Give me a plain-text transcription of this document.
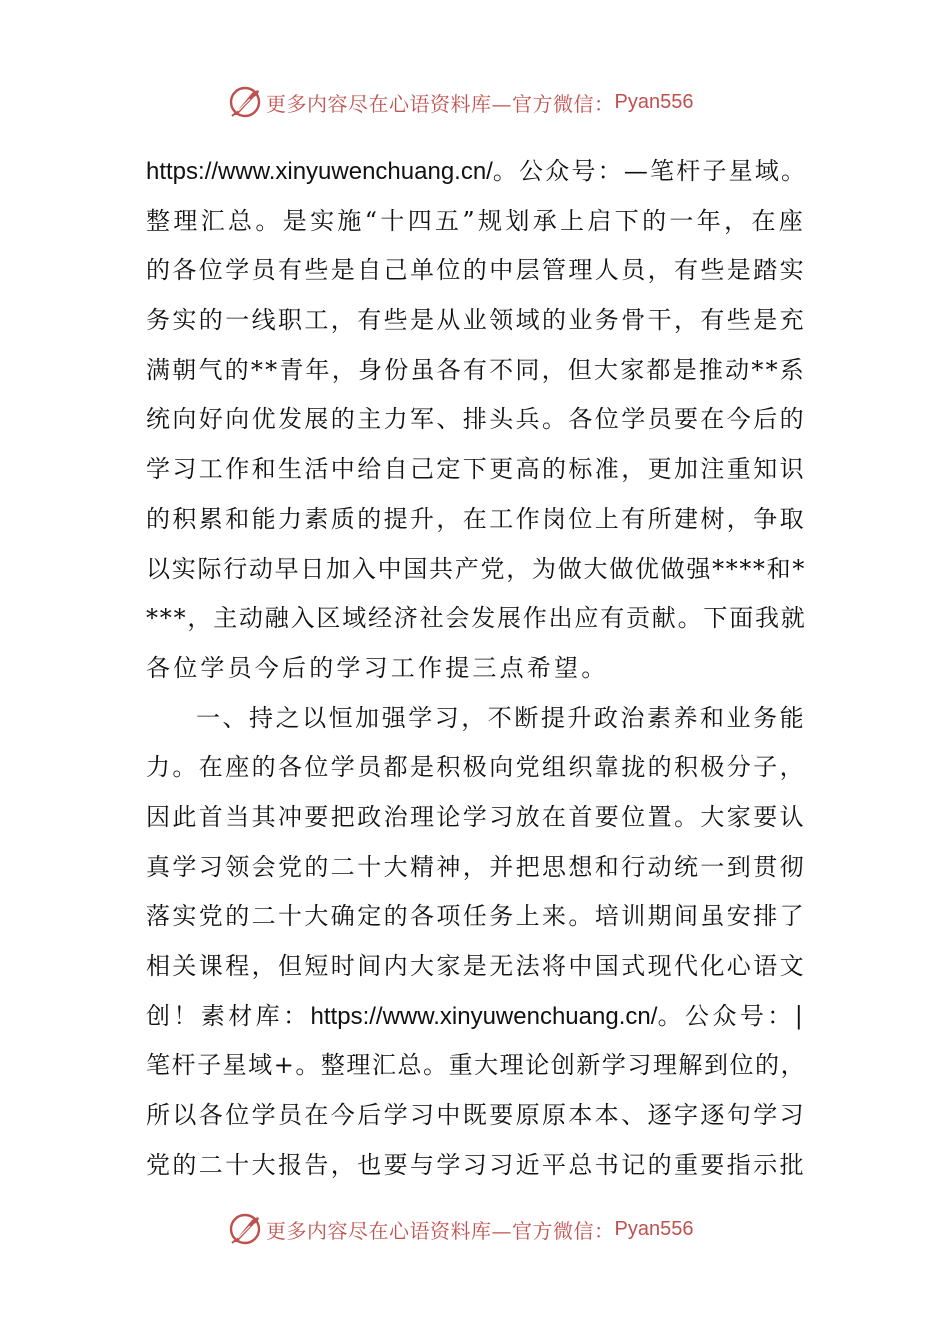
更多内容尽在心语资料库—官方微信： Pyan556
https://www.xinyuwenchuang.cn/。公众号：—笔杆子星域。
整理汇总。是实施“十四五”规划承上启下的一年，在座
的各位学员有些是自己单位的中层管理人员，有些是踏实
务实的一线职工，有些是从业领域的业务骨干，有些是充
满朝气的**青年，身份虽各有不同，但大家都是推动**系
统向好向优发展的主力军、排头兵。各位学员要在今后的
学习工作和生活中给自己定下更高的标准，更加注重知识
的积累和能力素质的提升，在工作岗位上有所建树，争取
以实际行动早日加入中国共产党，为做大做优做强****和*
***，主动融入区域经济社会发展作出应有贡献。下面我就
各位学员今后的学习工作提三点希望。
一、持之以恒加强学习，不断提升政治素养和业务能
力。在座的各位学员都是积极向党组织靠拢的积极分子，
因此首当其冲要把政治理论学习放在首要位置。大家要认
真学习领会党的二十大精神，并把思想和行动统一到贯彻
落实党的二十大确定的各项任务上来。培训期间虽安排了
相关课程，但短时间内大家是无法将中国式现代化心语文
创！素材库：https://www.xinyuwenchuang.cn/。公众号：|
笔杆子星域+。整理汇总。重大理论创新学习理解到位的，
所以各位学员在今后学习中既要原原本本、逐字逐句学习
党的二十大报告，也要与学习习近平总书记的重要指示批
更多内容尽在心语资料库—官方微信： Pyan556
